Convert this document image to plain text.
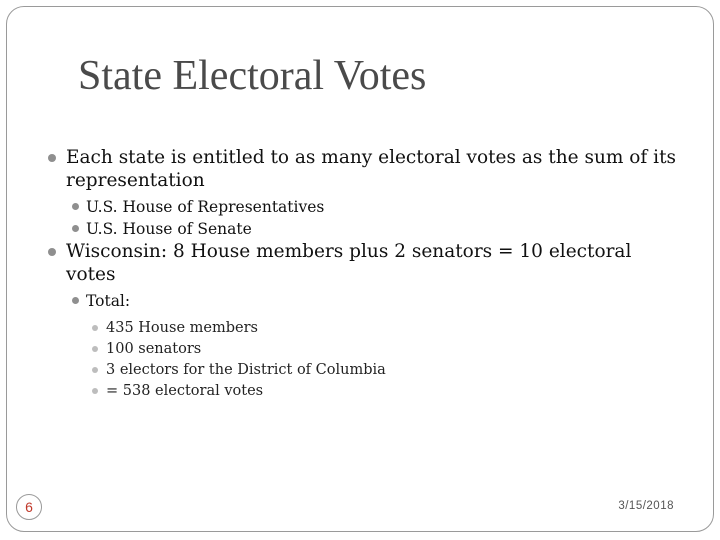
State Electoral Votes
Each state is entitled to as many electoral votes as the sum of its representation
U.S. House of Representatives
U.S. House of Senate
Wisconsin: 8 House members plus 2 senators = 10 electoral votes
Total:
435 House members
100 senators
3 electors for the District of Columbia
= 538 electoral votes
6	3/15/2018
